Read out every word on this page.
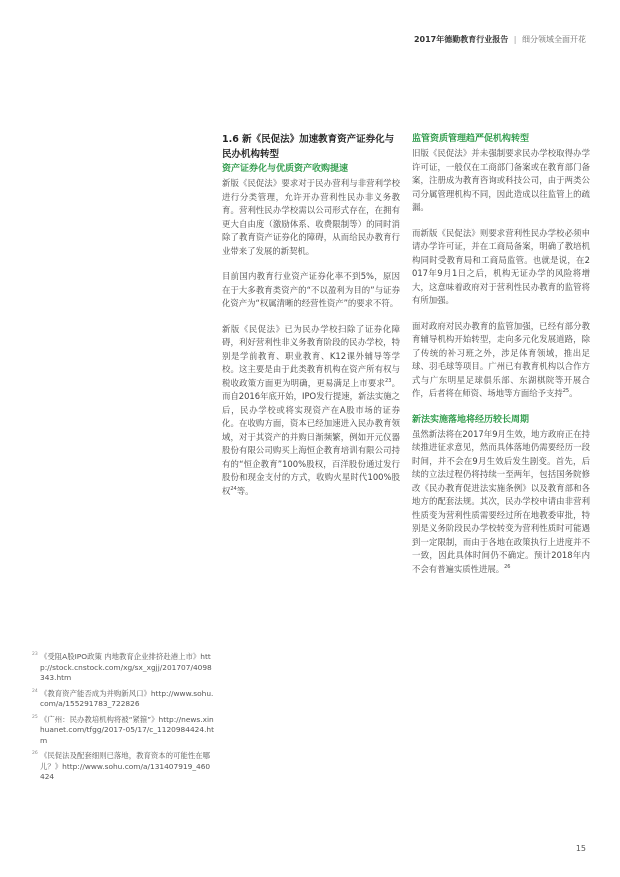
2017年德勤教育行业报告 | 细分领域全面开花
1.6 新《民促法》加速教育资产证券化与民办机构转型
资产证券化与优质资产收购提速

新版《民促法》要求对于民办营利与非营利学校进行分类管理，允许开办营利性民办非义务教育。营利性民办学校需以公司形式存在，在拥有更大自由度（激励体系、收费限制等）的同时消除了教育资产证券化的障碍，从而给民办教育行业带来了发展的新契机。

目前国内教育行业资产证券化率不到5%，原因在于大多教育类资产的“不以盈利为目的”与证券化资产为“权属清晰的经营性资产”的要求不符。

新版《民促法》已为民办学校扫除了证券化障碍，利好营利性非义务教育阶段的民办学校，特别是学前教育、职业教育、K12课外辅导等学校。这主要是由于此类教育机构在资产所有权与税收政策方面更为明确，更易满足上市要求$^{23}$。而自2016年底开始，IPO发行提速，新法实施之后，民办学校或将实现资产在A股市场的证券化。在收购方面，资本已经加速进入民办教育领域，对于其资产的并购日渐频繁，例如开元仪器股份有限公司购买上海恒企教育培训有限公司持有的“恒企教育”100%股权，百洋股份通过发行股份和现金支付的方式，收购火星时代100%股权$^{24}$等。

监管资质管理趋严促机构转型

旧版《民促法》并未强制要求民办学校取得办学许可证，一般仅在工商部门备案或在教育部门备案，注册成为教育咨询或科技公司，由于两类公司分属管理机构不同，因此造成以往监管上的疏漏。

而新版《民促法》则要求营利性民办学校必须申请办学许可证，并在工商局备案，明确了教培机构同时受教育局和工商局监管。也就是说，在2017年9月1日之后，机构无证办学的风险将增大，这意味着政府对于营利性民办教育的监管将有所加强。

面对政府对民办教育的监管加强，已经有部分教育辅导机构开始转型，走向多元化发展道路，除了传统的补习班之外，涉足体育领域，推出足球、羽毛球等项目。广州已有教育机构以合作方式与广东明星足球俱乐部、东湖棋院等开展合作，后者将在师资、场地等方面给予支持$^{25}$。

新法实施落地将经历较长周期

虽然新法将在2017年9月生效，地方政府正在持续推进征求意见，然而具体落地仍需要经历一段时间，并不会在9月生效后发生剧变。首先，后续的立法过程仍将持续一至两年，包括国务院修改《民办教育促进法实施条例》以及教育部和各地方的配套法规。其次，民办学校申请由非营利性质变为营利性质需要经过所在地教委审批，特别是义务阶段民办学校转变为营利性质时可能遇到一定限制，而由于各地在政策执行上进度并不一致，因此具体时间仍不确定。预计2018年内不会有普遍实质性进展。$^{26}$

23 《受阻A股IPO政策 内地教育企业排挤赴港上市》http://stock.cnstock.com/xg/sx_xgjj/201707/4098343.htm
24 《教育资产能否成为并购新风口》http://www.sohu.com/a/155291783_722826
25 《广州：民办教培机构将被“紧箍”》http://news.xinhuanet.com/tfgg/2017-05/17/c_1120984424.htm
26 《民促法及配套细则已落地，教育资本的可能性在哪儿？》http://www.sohu.com/a/131407919_460424
15
